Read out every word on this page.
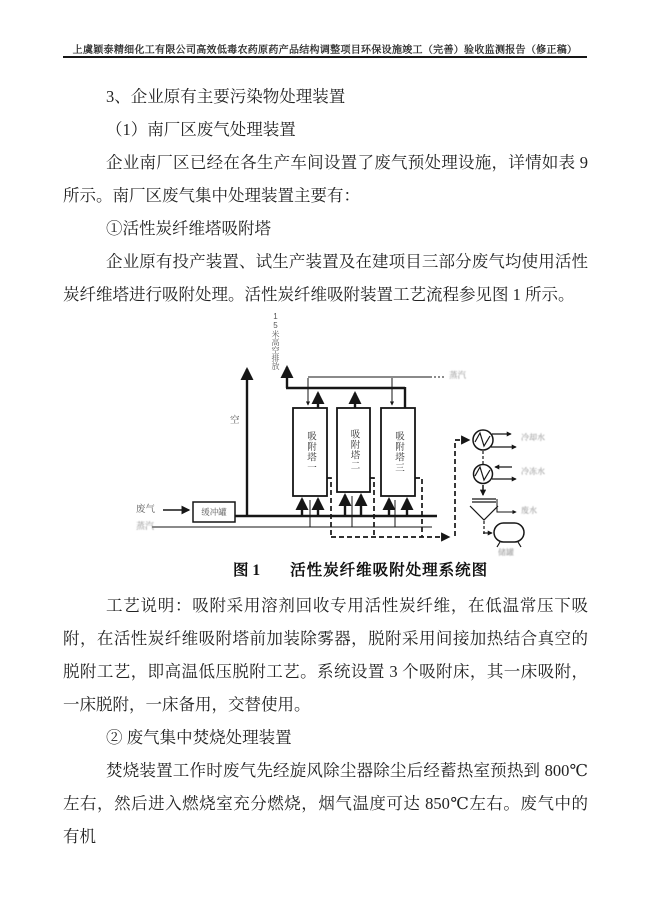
上虞颖泰精细化工有限公司高效低毒农药原药产品结构调整项目环保设施竣工（完善）验收监测报告（修正稿）

3、企业原有主要污染物处理装置

（1）南厂区废气处理装置

企业南厂区已经在各生产车间设置了废气预处理设施，详情如表 9 所示。南厂区废气集中处理装置主要有：

①活性炭纤维塔吸附塔

企业原有投产装置、试生产装置及在建项目三部分废气均使用活性炭纤维塔进行吸附处理。活性炭纤维吸附装置工艺流程参见图 1 所示。

15米高空排放
空
蒸汽
废气
蒸汽
缓冲罐
吸附塔一	吸附塔二	吸附塔三	冷却水
冷冻水
废水
储罐
图 1 活性炭纤维吸附处理系统图

工艺说明：吸附采用溶剂回收专用活性炭纤维，在低温常压下吸附，在活性炭纤维吸附塔前加装除雾器，脱附采用间接加热结合真空的脱附工艺，即高温低压脱附工艺。系统设置 3 个吸附床，其一床吸附，一床脱附，一床备用，交替使用。

② 废气集中焚烧处理装置

焚烧装置工作时废气先经旋风除尘器除尘后经蓄热室预热到 800℃左右，然后进入燃烧室充分燃烧，烟气温度可达 850℃左右。废气中的有机
